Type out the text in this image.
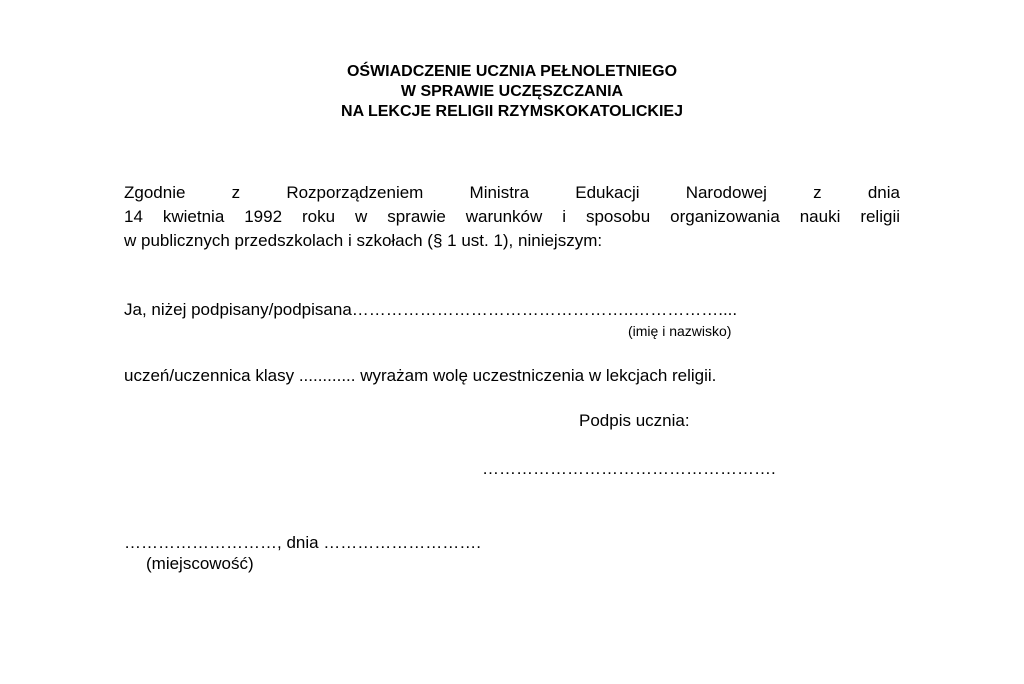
OŚWIADCZENIE UCZNIA PEŁNOLETNIEGO
W SPRAWIE UCZĘSZCZANIA
NA LEKCJE RELIGII RZYMSKOKATOLICKIEJ
Zgodnie z Rozporządzeniem Ministra Edukacji Narodowej z dnia
14 kwietnia 1992 roku w sprawie warunków i sposobu organizowania nauki religii
w publicznych przedszkolach i szkołach (§ 1 ust. 1), niniejszym:
Ja, niżej podpisany/podpisana…………………………………………..……………....
(imię i nazwisko)
uczeń/uczennica klasy ............ wyrażam wolę uczestniczenia w lekcjach religii.
Podpis ucznia:
…………………………………………….
………………………, dnia ……………………….
(miejscowość)
